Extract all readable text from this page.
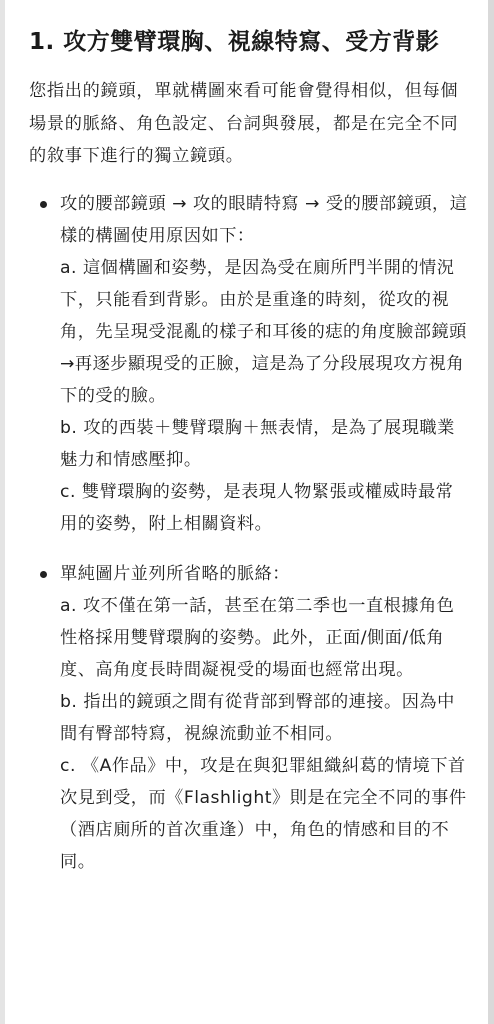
1. 攻方雙臂環胸、視線特寫、受方背影
您指出的鏡頭，單就構圖來看可能會覺得相似，但每個場景的脈絡、角色設定、台詞與發展，都是在完全不同的敘事下進行的獨立鏡頭。
攻的腰部鏡頭 → 攻的眼睛特寫 → 受的腰部鏡頭，這樣的構圖使用原因如下：
a. 這個構圖和姿勢，是因為受在廁所門半開的情況下，只能看到背影。由於是重逢的時刻，從攻的視角，先呈現受混亂的樣子和耳後的痣的角度臉部鏡頭→再逐步顯現受的正臉，這是為了分段展現攻方視角下的受的臉。
b. 攻的西裝＋雙臂環胸＋無表情，是為了展現職業魅力和情感壓抑。
c. 雙臂環胸的姿勢，是表現人物緊張或權威時最常用的姿勢，附上相關資料。
單純圖片並列所省略的脈絡：
a. 攻不僅在第一話，甚至在第二季也一直根據角色性格採用雙臂環胸的姿勢。此外，正面/側面/低角度、高角度長時間凝視受的場面也經常出現。
b. 指出的鏡頭之間有從背部到臀部的連接。因為中間有臀部特寫，視線流動並不相同。
c. 《A作品》中，攻是在與犯罪組織糾葛的情境下首次見到受，而《Flashlight》則是在完全不同的事件（酒店廁所的首次重逢）中，角色的情感和目的不同。
